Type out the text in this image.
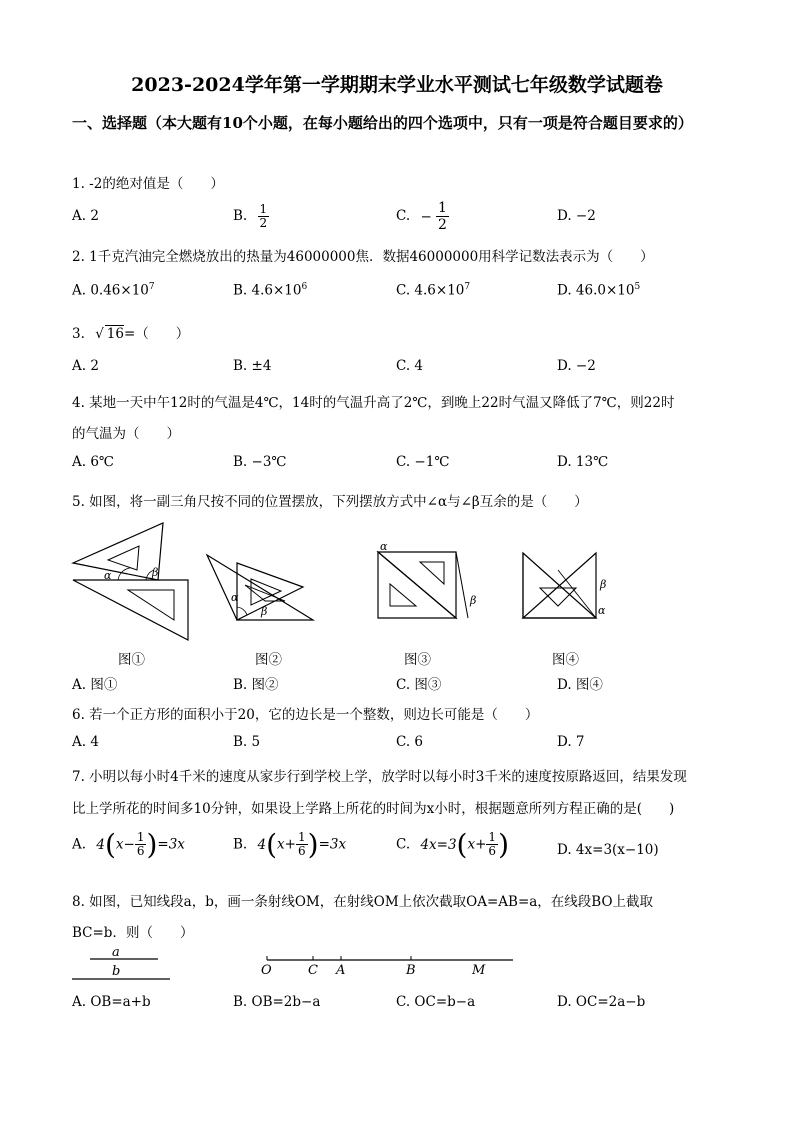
2023-2024学年第一学期期末学业水平测试七年级数学试题卷
一、选择题（本大题有10个小题，在每小题给出的四个选项中，只有一项是符合题目要求的）
1. -2的绝对值是（　　）
A. 2	B. $\frac{1}{2}$	C. − $\frac{1}{2}$	D. −2
2. 1千克汽油完全燃烧放出的热量为46000000焦．数据46000000用科学记数法表示为（　　）
A. $0.46\times 10^7$	B. $4.6\times 10^6$	C. $4.6\times 10^7$	D. $46.0\times 10^5$
3. √ 16=（　　）
A. 2	B. ±4	C. 4	D. −2
4. 某地一天中午12时的气温是4℃，14时的气温升高了2℃，到晚上22时气温又降低了7℃，则22时
的气温为（　　）
A. 6℃	B. −3℃	C. −1℃	D. 13℃
5. 如图，将一副三角尺按不同的位置摆放，下列摆放方式中∠α与∠β互余的是（　　）
α	β
图①
α
β
图②
α
β
图③
β
α
图④
A. 图①	B. 图②	C. 图③	D. 图④
6. 若一个正方形的面积小于20，它的边长是一个整数，则边长可能是（　　）
A. 4	B. 5	C. 6	D. 7
7. 小明以每小时4千米的速度从家步行到学校上学，放学时以每小时3千米的速度按原路返回，结果发现
比上学所花的时间多10分钟，如果设上学路上所花的时间为x小时，根据题意所列方程正确的是(　　)
A. $4(x- \frac{1}{6} )=3x$	B. $4(x+ \frac{1}{6} )=3x$	C. $4x=3(x+ \frac{1}{6}$ )	D. 4x=3(x−10)
8. 如图，已知线段a，b，画一条射线OM，在射线OM上依次截取OA=AB=a，在线段BO上截取
BC=b．则（　　）
a
b	O	C A	B	M
A. OB=a+b	B. OB=2b−a	C. OC=b−a	D. OC=2a−b
